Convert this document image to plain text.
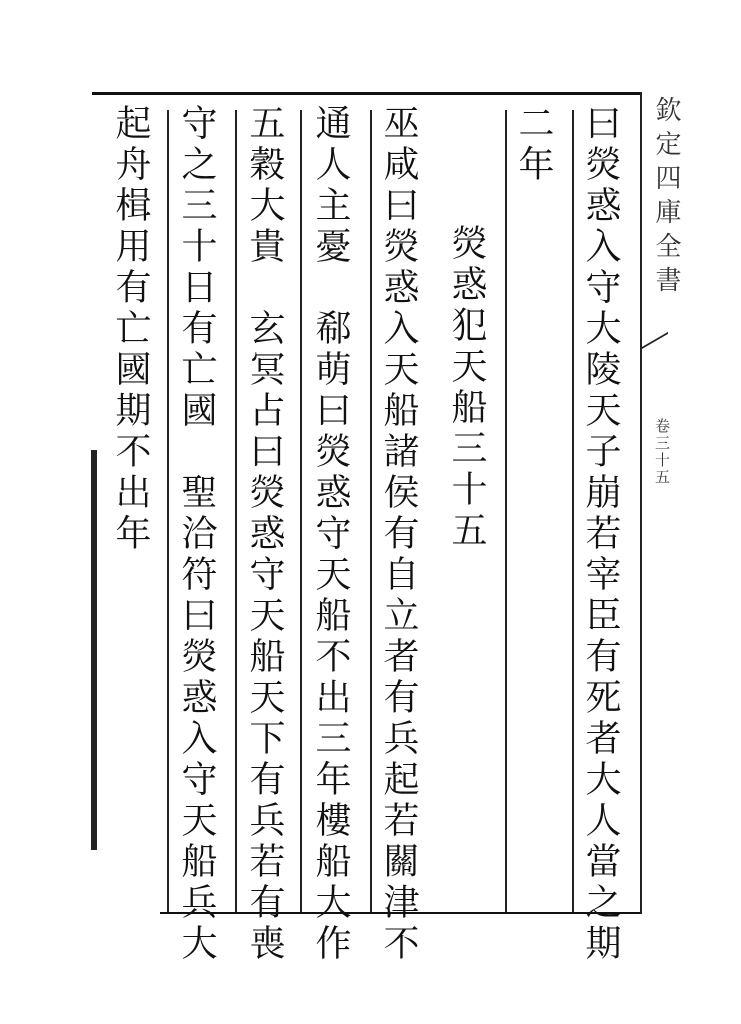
欽定四庫全書
卷三十五
曰熒惑入守大陵天子崩若宰臣有死者大人當之期
二年
熒惑犯天船三十五
巫咸曰熒惑入天船諸侯有自立者有兵起若關津不
通人主憂　郗萌曰熒惑守天船不出三年樓船大作
五穀大貴　玄冥占曰熒惑守天船天下有兵若有喪
守之三十日有亡國　聖洽符曰熒惑入守天船兵大
起舟楫用有亡國期不出年
